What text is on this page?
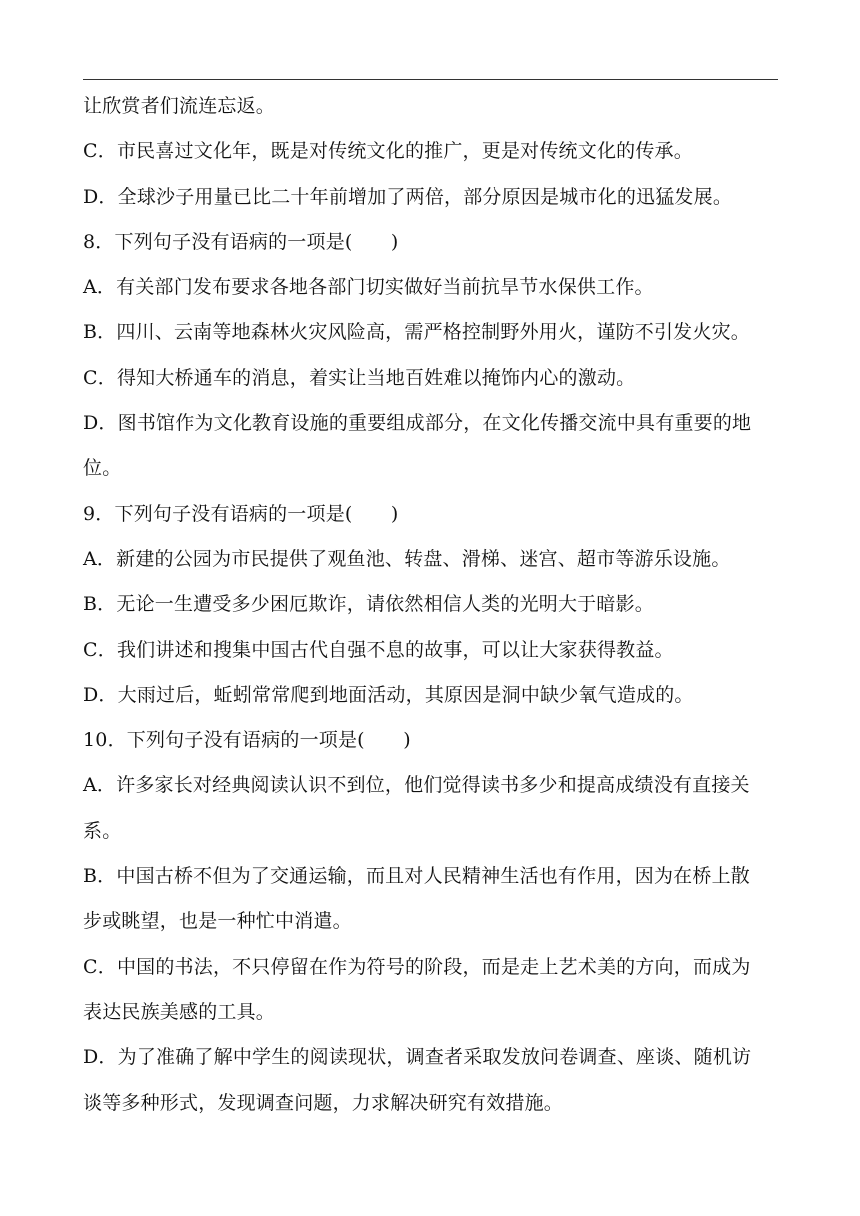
让欣赏者们流连忘返。
C．市民喜过文化年，既是对传统文化的推广，更是对传统文化的传承。
D．全球沙子用量已比二十年前增加了两倍，部分原因是城市化的迅猛发展。
8．下列句子没有语病的一项是(　　)
A．有关部门发布要求各地各部门切实做好当前抗旱节水保供工作。
B．四川、云南等地森林火灾风险高，需严格控制野外用火，谨防不引发火灾。
C．得知大桥通车的消息，着实让当地百姓难以掩饰内心的激动。
D．图书馆作为文化教育设施的重要组成部分，在文化传播交流中具有重要的地
位。
9．下列句子没有语病的一项是(　　)
A．新建的公园为市民提供了观鱼池、转盘、滑梯、迷宫、超市等游乐设施。
B．无论一生遭受多少困厄欺诈，请依然相信人类的光明大于暗影。
C．我们讲述和搜集中国古代自强不息的故事，可以让大家获得教益。
D．大雨过后，蚯蚓常常爬到地面活动，其原因是洞中缺少氧气造成的。
10．下列句子没有语病的一项是(　　)
A．许多家长对经典阅读认识不到位，他们觉得读书多少和提高成绩没有直接关
系。
B．中国古桥不但为了交通运输，而且对人民精神生活也有作用，因为在桥上散
步或眺望，也是一种忙中消遣。
C．中国的书法，不只停留在作为符号的阶段，而是走上艺术美的方向，而成为
表达民族美感的工具。
D．为了准确了解中学生的阅读现状，调查者采取发放问卷调查、座谈、随机访
谈等多种形式，发现调查问题，力求解决研究有效措施。
